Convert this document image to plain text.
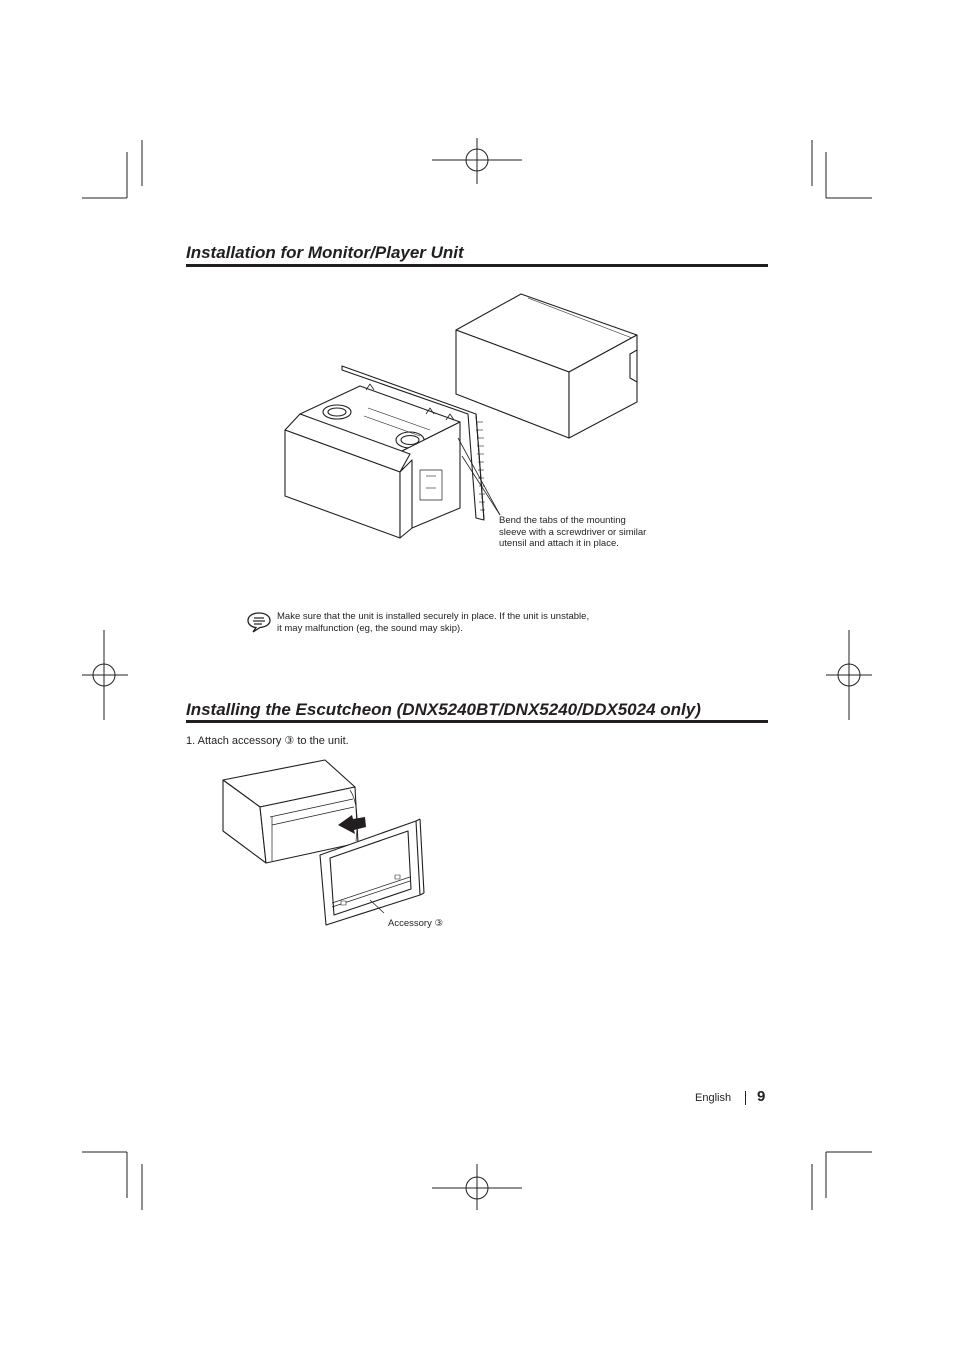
Installation for Monitor/Player Unit
Bend the tabs of the mounting
sleeve with a screwdriver or similar
utensil and attach it in place.
Make sure that the unit is installed securely in place. If the unit is unstable,
it may malfunction (eg, the sound may skip).
Installing the Escutcheon (DNX5240BT/DNX5240/DDX5024 only)
1. Attach accessory ③ to the unit.
Accessory ③
English 9
